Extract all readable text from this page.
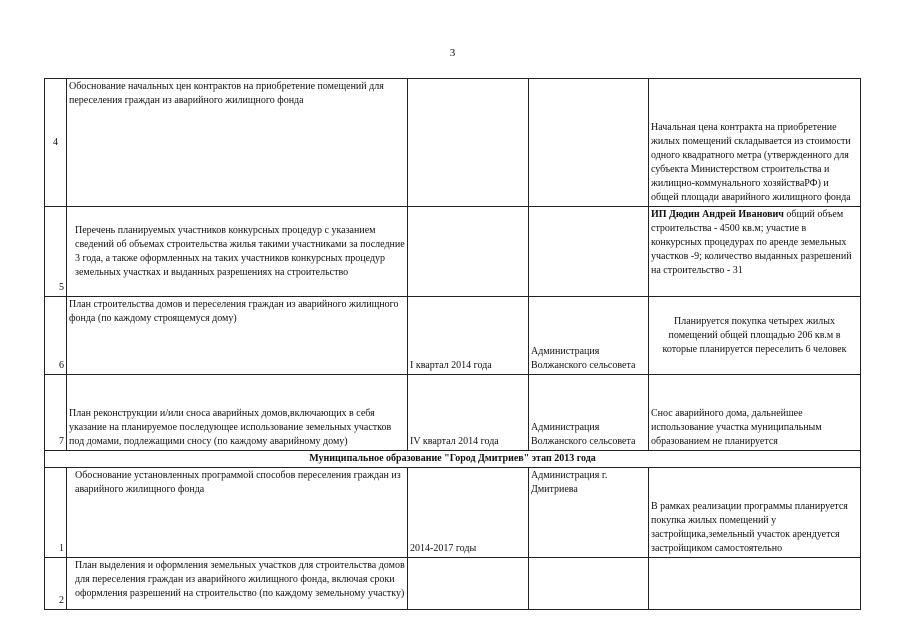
3
4	Обоснование начальных цен контрактов на приобретение помещений для переселения граждан из аварийного жилищного фонда			Начальная цена контракта на приобретение жилых помещений складывается из стоимости одного квадратного метра (утвержденного для субъекта Министерством строительства и жилищно-коммунального хозяйстваРФ) и общей площади аварийного жилищного фонда
5	Перечень планируемых участников конкурсных процедур с указанием сведений об объемах строительства жилья такими участниками за последние 3 года, а также оформленных на таких участников конкурсных процедур земельных участках и выданных разрешениях на строительство			ИП Дюдин Андрей Иванович общий объем строительства - 4500 кв.м; участие в конкурсных процедурах по аренде земельных участков -9; количество выданных разрешений на строительство - 31
6	План строительства домов и переселения граждан из аварийного жилищного фонда (по каждому строящемуся дому)	I квартал 2014 года	Администрация Волжанского сельсовета	Планируется покупка четырех жилых помещений общей площадью 206 кв.м в которые планируется переселить 6 человек
7	План реконструкции и/или сноса аварийных домов,включающих в себя указание на планируемое последующее использование земельных участков под домами, подлежащими сносу (по каждому аварийному дому)	IV квартал 2014 года	Администрация Волжанского сельсовета	Снос аварийного дома, дальнейшее использование участка муниципальным образованием не планируется
Муниципальное образование "Город Дмитриев" этап 2013 года				
1	Обоснование установленных программой способов переселения граждан из аварийного жилищного фонда	2014-2017 годы	Администрация г. Дмитриева	В рамках реализации программы планируется покупка жилых помещений у застройщика,земельный участок арендуется застройщиком самостоятельно
2	План выделения и оформления земельных участков для строительства домов для переселения граждан из аварийного жилищного фонда, включая сроки оформления разрешений на строительство (по каждому земельному участку)			
